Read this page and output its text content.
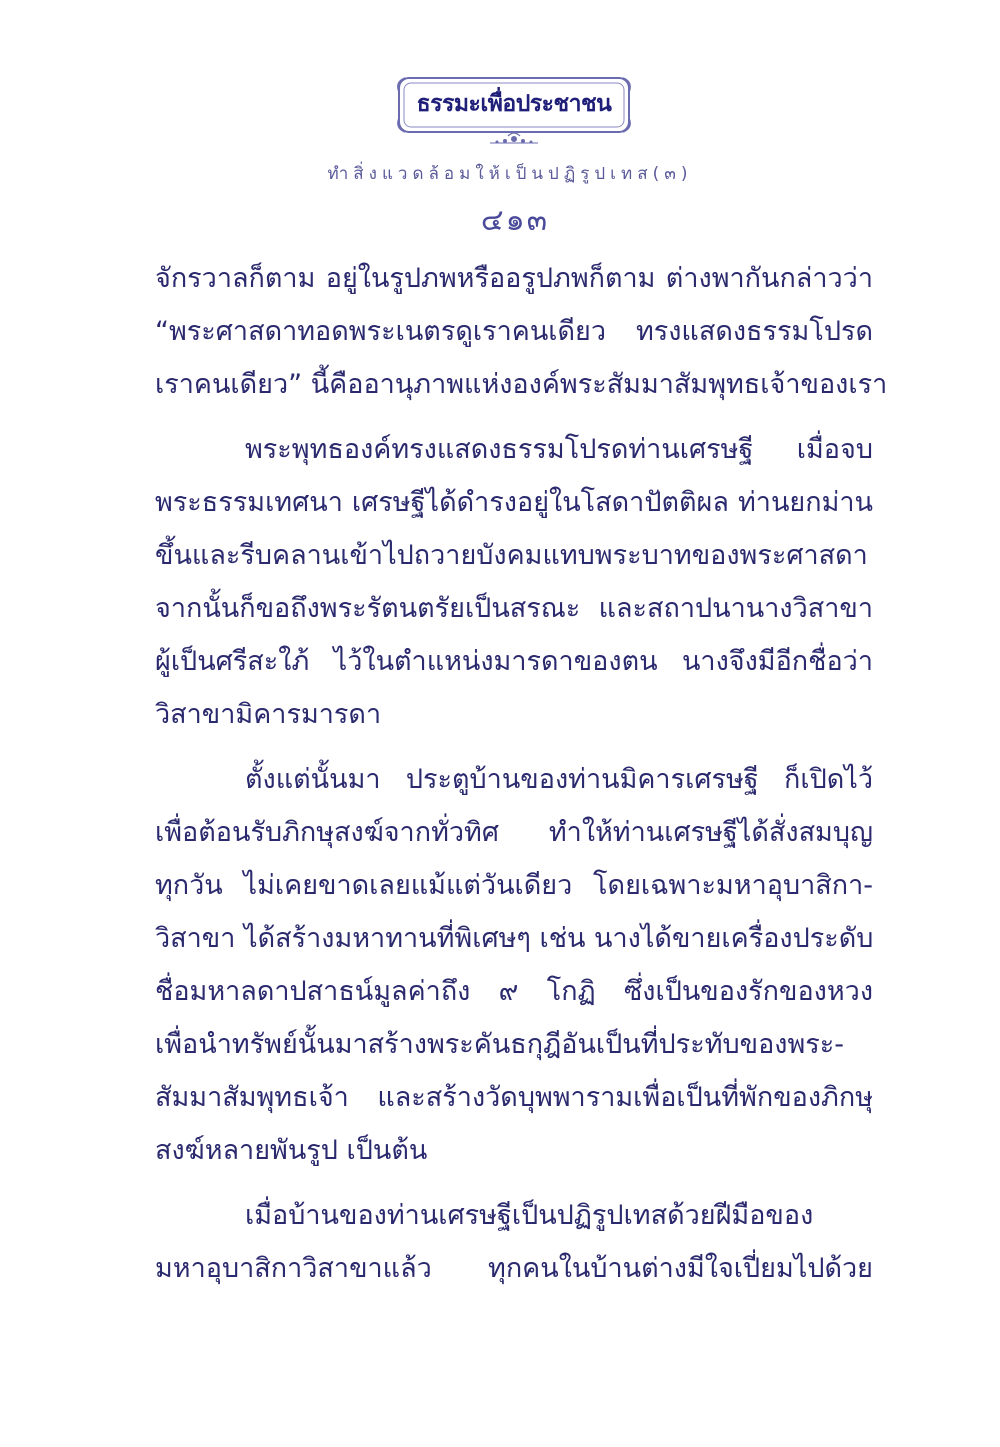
ธรรมะเพื่อประชาชน
ทำสิ่งแวดล้อมให้เป็นปฏิรูปเทส(๓)
๔๑๓
จักรวาลก็ตาม อยู่ในรูปภพหรืออรูปภพก็ตาม ต่างพากันกล่าวว่า
“พระศาสดาทอดพระเนตรดูเราคนเดียว ทรงแสดงธรรมโปรด
เราคนเดียว” นี้คืออานุภาพแห่งองค์พระสัมมาสัมพุทธเจ้าของเรา
พระพุทธองค์ทรงแสดงธรรมโปรดท่านเศรษฐี เมื่อจบ
พระธรรมเทศนา เศรษฐีได้ดำรงอยู่ในโสดาปัตติผล ท่านยกม่าน
ขึ้นและรีบคลานเข้าไปถวายบังคมแทบพระบาทของพระศาสดา
จากนั้นก็ขอถึงพระรัตนตรัยเป็นสรณะ และสถาปนานางวิสาขา
ผู้เป็นศรีสะใภ้ ไว้ในตำแหน่งมารดาของตน นางจึงมีอีกชื่อว่า
วิสาขามิคารมารดา
ตั้งแต่นั้นมา ประตูบ้านของท่านมิคารเศรษฐี ก็เปิดไว้
เพื่อต้อนรับภิกษุสงฆ์จากทั่วทิศ ทำให้ท่านเศรษฐีได้สั่งสมบุญ
ทุกวัน ไม่เคยขาดเลยแม้แต่วันเดียว โดยเฉพาะมหาอุบาสิกา-
วิสาขา ได้สร้างมหาทานที่พิเศษๆ เช่น นางได้ขายเครื่องประดับ
ชื่อมหาลดาปสาธน์มูลค่าถึง ๙ โกฏิ ซึ่งเป็นของรักของหวง
เพื่อนำทรัพย์นั้นมาสร้างพระคันธกุฎีอันเป็นที่ประทับของพระ-
สัมมาสัมพุทธเจ้า และสร้างวัดบุพพารามเพื่อเป็นที่พักของภิกษุ
สงฆ์หลายพันรูป เป็นต้น
เมื่อบ้านของท่านเศรษฐีเป็นปฏิรูปเทสด้วยฝีมือของ
มหาอุบาสิกาวิสาขาแล้ว ทุกคนในบ้านต่างมีใจเปี่ยมไปด้วย
